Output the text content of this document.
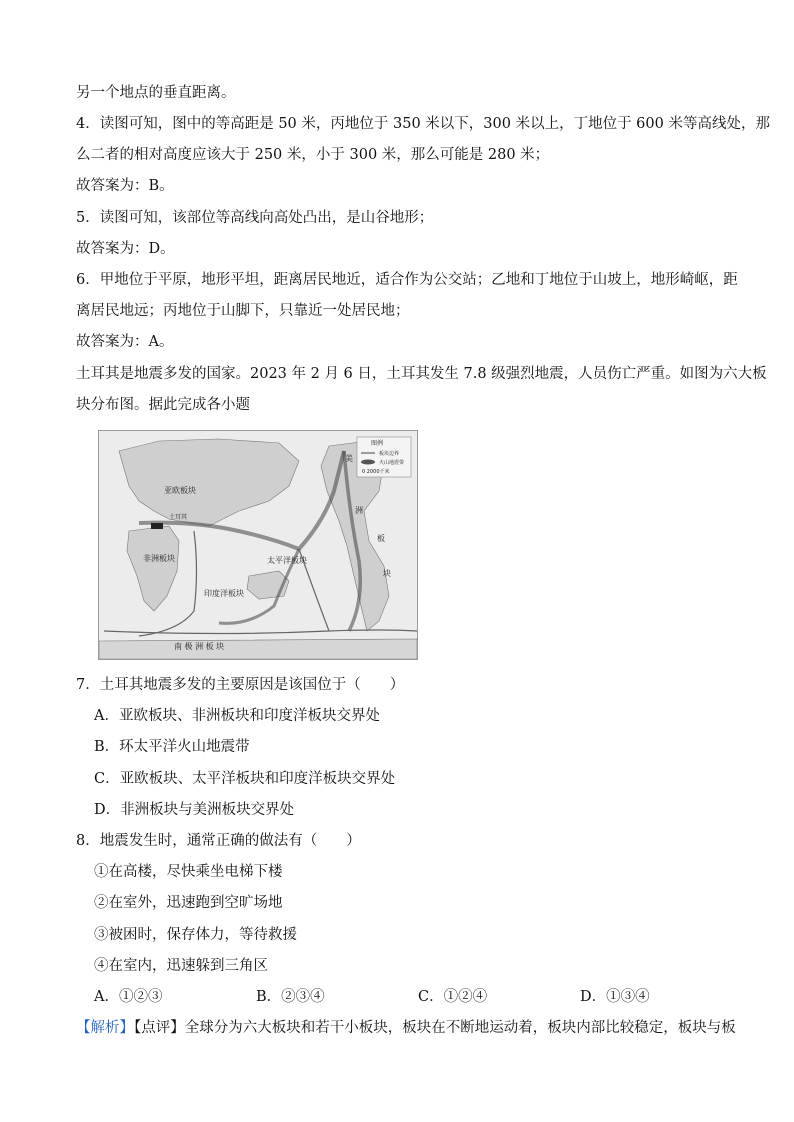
另一个地点的垂直距离。
4．读图可知，图中的等高距是 50 米，丙地位于 350 米以下，300 米以上，丁地位于 600 米等高线处，那
么二者的相对高度应该大于 250 米，小于 300 米，那么可能是 280 米；
故答案为：B。
5．读图可知，该部位等高线向高处凸出，是山谷地形；
故答案为：D。
6．甲地位于平原，地形平坦，距离居民地近，适合作为公交站；乙地和丁地位于山坡上，地形崎岖，距
离居民地远；丙地位于山脚下，只靠近一处居民地；
故答案为：A。
土耳其是地震多发的国家。2023 年 2 月 6 日，土耳其发生 7.8 级强烈地震，人员伤亡严重。如图为六大板
块分布图。据此完成各小题
亚欧板块
土耳其
非洲板块
印度洋板块
太平洋板块
美
洲
板
块
南 极 洲 板 块
图例
板块边界
火山地震带
0 2000千米
7．土耳其地震多发的主要原因是该国位于（　　）
A．亚欧板块、非洲板块和印度洋板块交界处
B．环太平洋火山地震带
C．亚欧板块、太平洋板块和印度洋板块交界处
D．非洲板块与美洲板块交界处
8．地震发生时，通常正确的做法有（　　）
①在高楼，尽快乘坐电梯下楼
②在室外，迅速跑到空旷场地
③被困时，保存体力，等待救援
④在室内，迅速躲到三角区
A．①②③	B．②③④	C．①②④	D．①③④
【解析】【点评】全球分为六大板块和若干小板块，板块在不断地运动着，板块内部比较稳定，板块与板
